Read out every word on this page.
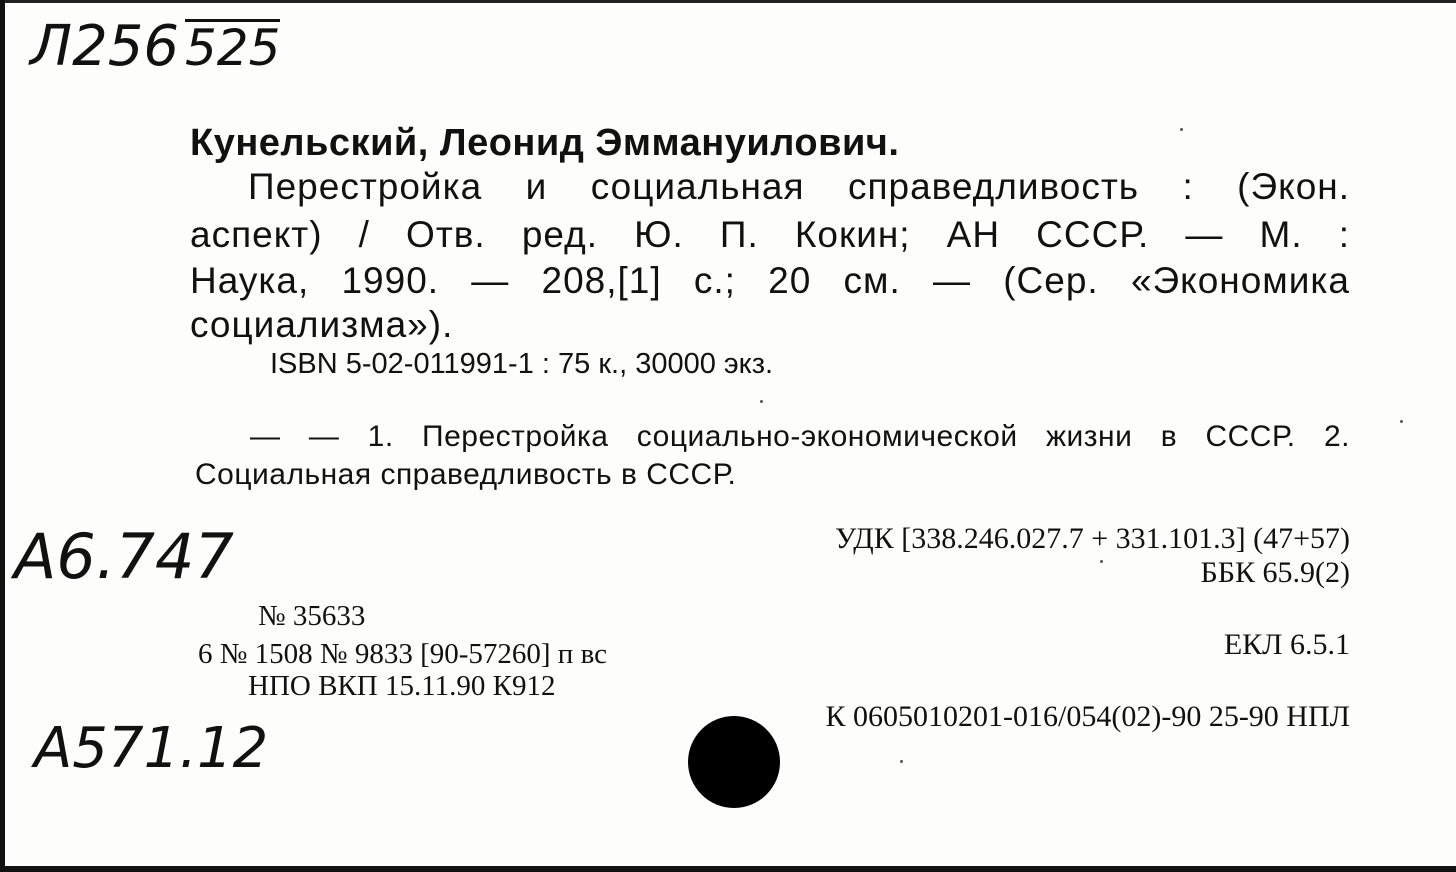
Л256 525
Кунельский, Леонид Эммануилович.
Перестройка и социальная справедливость : (Экон.
аспект) / Отв. ред. Ю. П. Кокин; АН СССР. — М. :
Наука, 1990. — 208,[1] с.; 20 см. — (Сер. «Экономика
социализма»).
ISBN 5-02-011991-1 : 75 к., 30000 экз.
— — 1. Перестройка социально-экономической жизни в СССР. 2.
Социальная справедливость в СССР.
А6.747
А571.12
УДК [338.246.027.7 + 331.101.3] (47+57)
ББК 65.9(2)
№ 35633
6 № 1508 № 9833 [90-57260] п вс	ЕКЛ 6.5.1
НПО ВКП 15.11.90 К912
К 0605010201-016/054(02)-90 25-90 НПЛ
